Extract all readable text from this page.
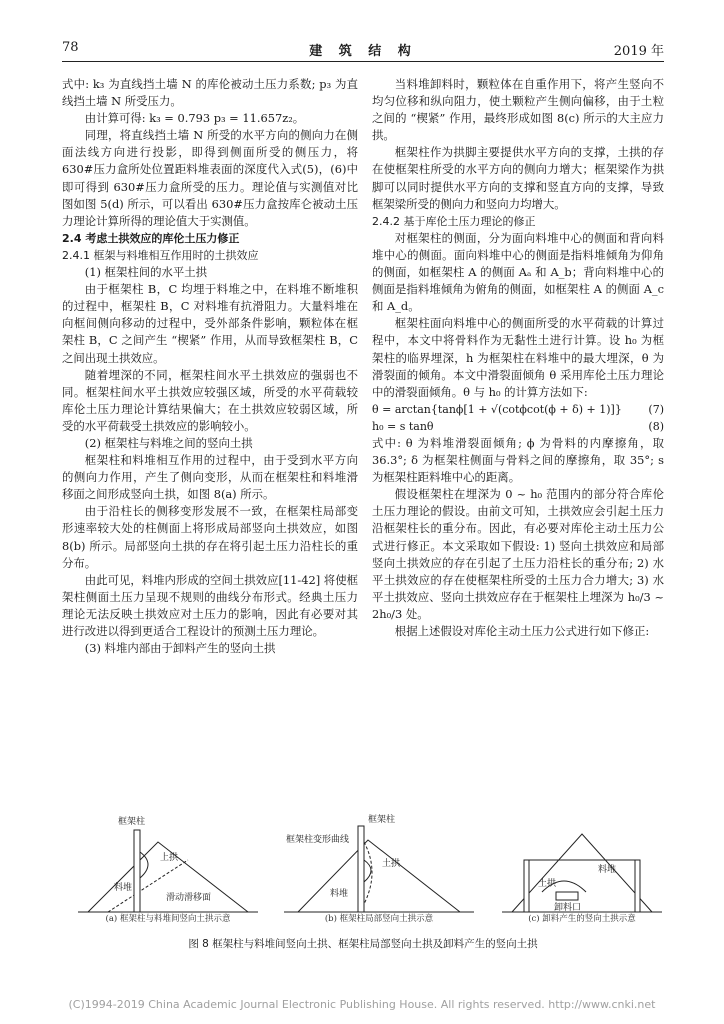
78	建 筑 结 构	2019 年

式中: k₃ 为直线挡土墙 N 的库伦被动土压力系数; p₃ 为直线挡土墙 N 所受压力。

由计算可得: k₃ = 0.793 p₃ = 11.657z₂。

同理，将直线挡土墙 N 所受的水平方向的侧向力在侧面法线方向进行投影，即得到侧面所受的侧压力，将 630#压力盒所处位置距料堆表面的深度代入式(5)，(6)中即可得到 630#压力盒所受的压力。理论值与实测值对比图如图 5(d) 所示，可以看出 630#压力盒按库仑被动土压力理论计算所得的理论值大于实测值。

2.4 考虑土拱效应的库伦土压力修正

2.4.1 框架与料堆相互作用时的土拱效应

(1) 框架柱间的水平土拱

由于框架柱 B，C 均埋于料堆之中，在料堆不断堆积的过程中，框架柱 B，C 对料堆有抗滑阻力。大量料堆在向框间侧向移动的过程中，受外部条件影响，颗粒体在框架柱 B，C 之间产生 “楔紧” 作用，从而导致框架柱 B，C 之间出现土拱效应。

随着埋深的不同，框架柱间水平土拱效应的强弱也不同。框架柱间水平土拱效应较强区域，所受的水平荷载较库伦土压力理论计算结果偏大；在土拱效应较弱区域，所受的水平荷载受土拱效应的影响较小。

(2) 框架柱与料堆之间的竖向土拱

框架柱和料堆相互作用的过程中，由于受到水平方向的侧向力作用，产生了侧向变形，从而在框架柱和料堆滑移面之间形成竖向土拱，如图 8(a) 所示。

由于沿柱长的侧移变形发展不一致，在框架柱局部变形速率较大处的柱侧面上将形成局部竖向土拱效应，如图 8(b) 所示。局部竖向土拱的存在将引起土压力沿柱长的重分布。

由此可见，料堆内形成的空间土拱效应[11-42] 将使框架柱侧面土压力呈现不规则的曲线分布形式。经典土压力理论无法反映土拱效应对土压力的影响，因此有必要对其进行改进以得到更适合工程设计的预测土压力理论。

(3) 料堆内部由于卸料产生的竖向土拱

当料堆卸料时，颗粒体在自重作用下，将产生竖向不均匀位移和纵向阻力，使土颗粒产生侧向偏移，由于土粒之间的 “楔紧” 作用，最终形成如图 8(c) 所示的大主应力拱。

框架柱作为拱脚主要提供水平方向的支撑，土拱的存在使框架柱所受的水平方向的侧向力增大；框架梁作为拱脚可以同时提供水平方向的支撑和竖直方向的支撑，导致框架梁所受的侧向力和竖向力均增大。

2.4.2 基于库伦土压力理论的修正

对框架柱的侧面，分为面向料堆中心的侧面和背向料堆中心的侧面。面向料堆中心的侧面是指料堆倾角为仰角的侧面，如框架柱 A 的侧面 Aₐ 和 A_b；背向料堆中心的侧面是指料堆倾角为俯角的侧面，如框架柱 A 的侧面 A_c 和 A_d。

框架柱面向料堆中心的侧面所受的水平荷载的计算过程中，本文中将骨料作为无黏性土进行计算。设 h₀ 为框架柱的临界埋深，h 为框架柱在料堆中的最大埋深，θ 为滑裂面的倾角。本文中滑裂面倾角 θ 采用库伦土压力理论中的滑裂面倾角。θ 与 h₀ 的计算方法如下:

θ = arctan{tanϕ[1 + √(cotϕcot(ϕ + δ) + 1)]} (7)
h₀ = s tanθ	(8)

式中: θ 为料堆滑裂面倾角; ϕ 为骨料的内摩擦角，取 36.3°; δ 为框架柱侧面与骨料之间的摩擦角，取 35°; s 为框架柱距料堆中心的距离。

假设框架柱在埋深为 0 ~ h₀ 范围内的部分符合库伦土压力理论的假设。由前文可知，土拱效应会引起土压力沿框架柱长的重分布。因此，有必要对库伦主动土压力公式进行修正。本文采取如下假设: 1) 竖向土拱效应和局部竖向土拱效应的存在引起了土压力沿柱长的重分布; 2) 水平土拱效应的存在使框架柱所受的土压力合力增大; 3) 水平土拱效应、竖向土拱效应存在于框架柱上埋深为 h₀/3 ~ 2h₀/3 处。

根据上述假设对库伦主动土压力公式进行如下修正:

框架柱
上拱
料堆
滑动滑移面
(a) 框架柱与料堆间竖向土拱示意
框架柱
框架柱变形曲线
土拱
料堆
(b) 框架柱局部竖向土拱示意
料堆
土拱
卸料口
(c) 卸料产生的竖向土拱示意
图 8 框架柱与料堆间竖向土拱、框架柱局部竖向土拱及卸料产生的竖向土拱
(C)1994-2019 China Academic Journal Electronic Publishing House. All rights reserved. http://www.cnki.net
